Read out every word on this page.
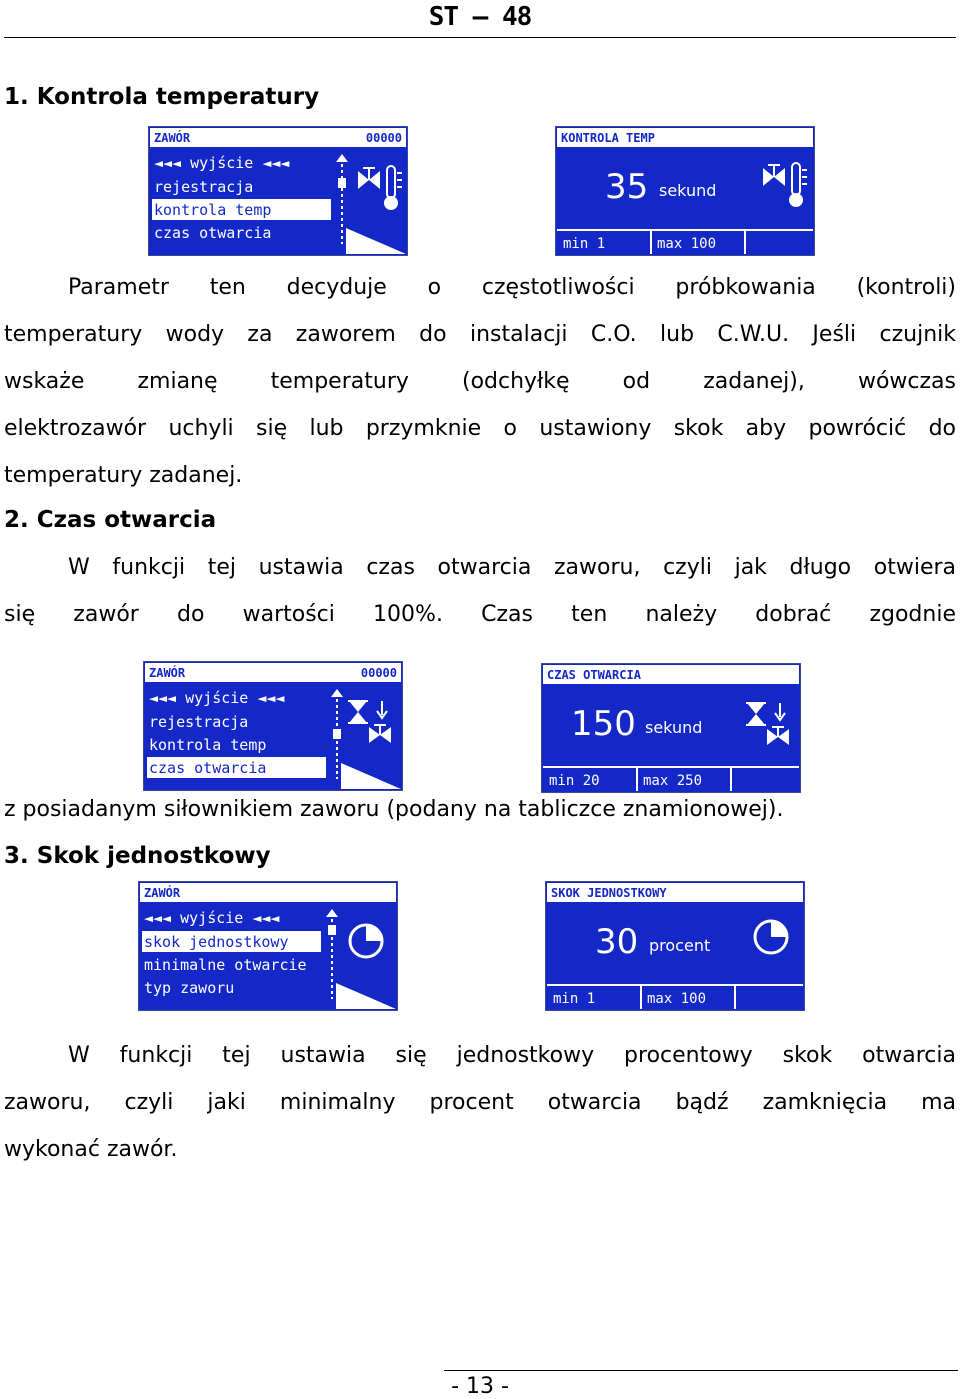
ST – 48
1. Kontrola temperatury
ZAWÓR	00000
◄◄◄ wyjście ◄◄◄
rejestracja
kontrola temp
czas otwarcia
KONTROLA TEMP
35 sekund
min 1	max 100
Parametr ten decyduje o częstotliwości próbkowania (kontroli)
temperatury wody za zaworem do instalacji C.O. lub C.W.U. Jeśli czujnik
wskaże zmianę temperatury (odchyłkę od zadanej), wówczas
elektrozawór uchyli się lub przymknie o ustawiony skok aby powrócić do
temperatury zadanej.
2. Czas otwarcia
W funkcji tej ustawia czas otwarcia zaworu, czyli jak długo otwiera
się zawór do wartości 100%. Czas ten należy dobrać zgodnie
ZAWÓR	00000
◄◄◄ wyjście ◄◄◄
rejestracja
kontrola temp
czas otwarcia
CZAS OTWARCIA
150 sekund
min 20	max 250
z posiadanym siłownikiem zaworu (podany na tabliczce znamionowej).
3. Skok jednostkowy
ZAWÓR
◄◄◄ wyjście ◄◄◄
skok jednostkowy
minimalne otwarcie
typ zaworu
SKOK JEDNOSTKOWY
30 procent
min 1	max 100
W funkcji tej ustawia się jednostkowy procentowy skok otwarcia
zaworu, czyli jaki minimalny procent otwarcia bądź zamknięcia ma
wykonać zawór.
- 13 -
